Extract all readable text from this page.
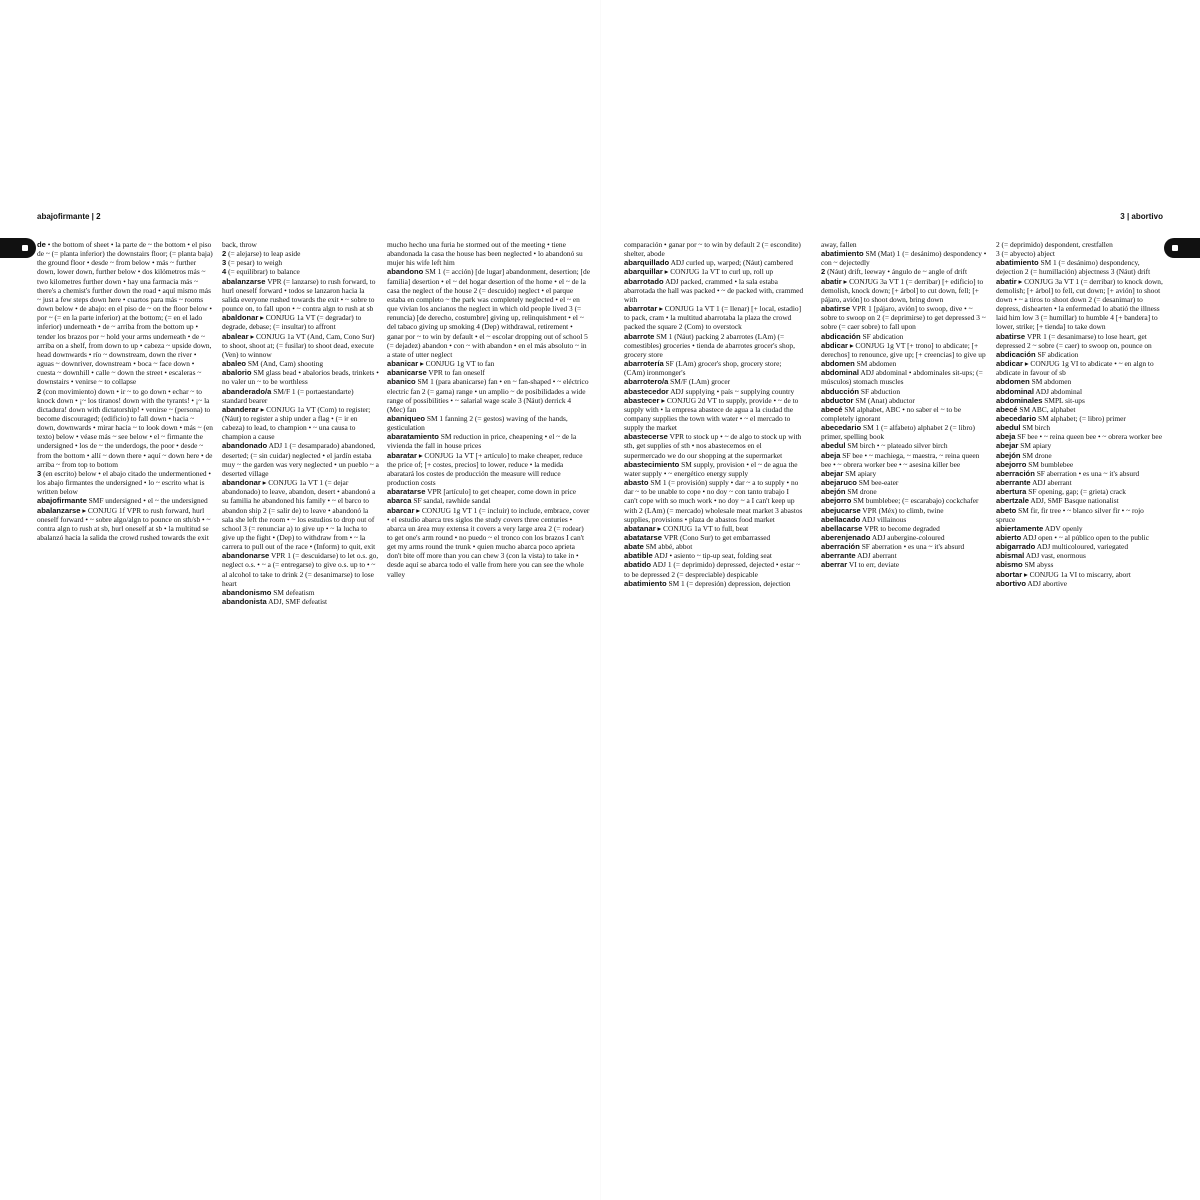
abajofirmante | 2	3 | abortivo
de • the bottom of sheet • la parte de ~ the bottom • el piso de ~ (= planta inferior) the downstairs floor; (= planta baja) the ground floor • desde ~ from below • más ~ further down, lower down, further below • dos kilómetros más ~ two kilometres further down • hay una farmacia más ~ there's a chemist's further down the road • aquí mismo más ~ just a few steps down here • cuartos para más ~ rooms down below • de abajo: en el piso de ~ on the floor below • por ~ (= en la parte inferior) at the bottom; (= en el lado inferior) underneath • de ~ arriba from the bottom up • tender los brazos por ~ hold your arms underneath • de ~ arriba on a shelf, from down to up • cabeza ~ upside down, head downwards • río ~ downstream, down the river • aguas ~ downriver, downstream • boca ~ face down • cuesta ~ downhill • calle ~ down the street • escaleras ~ downstairs • venirse ~ to collapse
2 (con movimiento) down • ir ~ to go down • echar ~ to knock down • ¡~ los tiranos! down with the tyrants! • ¡~ la dictadura! down with dictatorship! • venirse ~ (persona) to become discouraged; (edificio) to fall down • hacia ~ down, downwards • mirar hacia ~ to look down • más ~ (en texto) below • véase más ~ see below • el ~ firmante the undersigned • los de ~ the underdogs, the poor • desde ~ from the bottom • allí ~ down there • aquí ~ down here • de arriba ~ from top to bottom
3 (en escrito) below • el abajo citado the undermentioned • los abajo firmantes the undersigned • lo ~ escrito what is written below
abajofirmante SMF undersigned • el ~ the undersigned
abalanzarse ▸ CONJUG 1f VPR to rush forward, hurl oneself forward • ~ sobre algo/algn to pounce on sth/sb • ~ contra algn to rush at sb, hurl oneself at sb • la multitud se abalanzó hacia la salida the crowd rushed towards the exit
back, throw
2 (= alejarse) to leap aside
3 (= pesar) to weigh
4 (= equilibrar) to balance
abalanzarse VPR (= lanzarse) to rush forward, to hurl oneself forward • todos se lanzaron hacia la salida everyone rushed towards the exit • ~ sobre to pounce on, to fall upon • ~ contra algn to rush at sb
abaldonar ▸ CONJUG 1a VT (= degradar) to degrade, debase; (= insultar) to affront
abalear ▸ CONJUG 1a VT (And, Cam, Cono Sur) to shoot, shoot at; (= fusilar) to shoot dead, execute (Ven) to winnow
abaleo SM (And, Cam) shooting
abalorio SM glass bead • abalorios beads, trinkets • no valer un ~ to be worthless
abanderado/a SM/F 1 (= portaestandarte) standard bearer
abanderar ▸ CONJUG 1a VT (Com) to register; (Náut) to register a ship under a flag • (= ir en cabeza) to lead, to champion • ~ una causa to champion a cause
abandonado ADJ 1 (= desamparado) abandoned, deserted; (= sin cuidar) neglected • el jardín estaba muy ~ the garden was very neglected • un pueblo ~ a deserted village
abandonar ▸ CONJUG 1a VT 1 (= dejar abandonado) to leave, abandon, desert • abandonó a su familia he abandoned his family • ~ el barco to abandon ship 2 (= salir de) to leave • abandonó la sala she left the room • ~ los estudios to drop out of school 3 (= renunciar a) to give up • ~ la lucha to give up the fight • (Dep) to withdraw from • ~ la carrera to pull out of the race • (Inform) to quit, exit
abandonarse VPR 1 (= descuidarse) to let o.s. go, neglect o.s. • ~ a (= entregarse) to give o.s. up to • ~ al alcohol to take to drink 2 (= desanimarse) to lose heart
abandonismo SM defeatism
abandonista ADJ, SMF defeatist
mucho hecho una furia he stormed out of the meeting • tiene abandonada la casa the house has been neglected • lo abandonó su mujer his wife left him
abandono SM 1 (= acción) [de lugar] abandonment, desertion; [de familia] desertion • el ~ del hogar desertion of the home • el ~ de la casa the neglect of the house 2 (= descuido) neglect • el parque estaba en completo ~ the park was completely neglected • el ~ en que vivían los ancianos the neglect in which old people lived 3 (= renuncia) [de derecho, costumbre] giving up, relinquishment • el ~ del tabaco giving up smoking 4 (Dep) withdrawal, retirement • ganar por ~ to win by default • el ~ escolar dropping out of school 5 (= dejadez) abandon • con ~ with abandon • en el más absoluto ~ in a state of utter neglect
abanicar ▸ CONJUG 1g VT to fan
abanicarse VPR to fan oneself
abanico SM 1 (para abanicarse) fan • en ~ fan-shaped • ~ eléctrico electric fan 2 (= gama) range • un amplio ~ de posibilidades a wide range of possibilities • ~ salarial wage scale 3 (Náut) derrick 4 (Mec) fan
abaniqueo SM 1 fanning 2 (= gestos) waving of the hands, gesticulation
abaratamiento SM reduction in price, cheapening • el ~ de la vivienda the fall in house prices
abaratar ▸ CONJUG 1a VT [+ artículo] to make cheaper, reduce the price of; [+ costes, precios] to lower, reduce • la medida abaratará los costes de producción the measure will reduce production costs
abaratarse VPR [artículo] to get cheaper, come down in price
abarca SF sandal, rawhide sandal
abarcar ▸ CONJUG 1g VT 1 (= incluir) to include, embrace, cover • el estudio abarca tres siglos the study covers three centuries • abarca un área muy extensa it covers a very large area 2 (= rodear) to get one's arm round • no puedo ~ el tronco con los brazos I can't get my arms round the trunk • quien mucho abarca poco aprieta don't bite off more than you can chew 3 (con la vista) to take in • desde aquí se abarca todo el valle from here you can see the whole valley
comparación • ganar por ~ to win by default 2 (= escondite) shelter, abode
abarquillado ADJ curled up, warped; (Náut) cambered
abarquillar ▸ CONJUG 1a VT to curl up, roll up
abarrotado ADJ packed, crammed • la sala estaba abarrotada the hall was packed • ~ de packed with, crammed with
abarrotar ▸ CONJUG 1a VT 1 (= llenar) [+ local, estadio] to pack, cram • la multitud abarrotaba la plaza the crowd packed the square 2 (Com) to overstock
abarrote SM 1 (Náut) packing 2 abarrotes (LAm) (= comestibles) groceries • tienda de abarrotes grocer's shop, grocery store
abarrotería SF (LAm) grocer's shop, grocery store; (CAm) ironmonger's
abarrotero/a SM/F (LAm) grocer
abastecedor ADJ supplying • país ~ supplying country
abastecer ▸ CONJUG 2d VT to supply, provide • ~ de to supply with • la empresa abastece de agua a la ciudad the company supplies the town with water • ~ el mercado to supply the market
abastecerse VPR to stock up • ~ de algo to stock up with sth, get supplies of sth • nos abastecemos en el supermercado we do our shopping at the supermarket
abastecimiento SM supply, provision • el ~ de agua the water supply • ~ energético energy supply
abasto SM 1 (= provisión) supply • dar ~ a to supply • no dar ~ to be unable to cope • no doy ~ con tanto trabajo I can't cope with so much work • no doy ~ a I can't keep up with 2 (LAm) (= mercado) wholesale meat market 3 abastos supplies, provisions • plaza de abastos food market
abatanar ▸ CONJUG 1a VT to full, beat
abatatarse VPR (Cono Sur) to get embarrassed
abate SM abbé, abbot
abatible ADJ • asiento ~ tip-up seat, folding seat
abatido ADJ 1 (= deprimido) depressed, dejected • estar ~ to be depressed 2 (= despreciable) despicable
abatimiento SM 1 (= depresión) depression, dejection
away, fallen
abatimiento SM (Mat) 1 (= desánimo) despondency • con ~ dejectedly
2 (Náut) drift, leeway • ángulo de ~ angle of drift
abatir ▸ CONJUG 3a VT 1 (= derribar) [+ edificio] to demolish, knock down; [+ árbol] to cut down, fell; [+ pájaro, avión] to shoot down, bring down
abatirse VPR 1 [pájaro, avión] to swoop, dive • ~ sobre to swoop on 2 (= deprimirse) to get depressed 3 ~ sobre (= caer sobre) to fall upon
abdicación SF abdication
abdicar ▸ CONJUG 1g VT [+ trono] to abdicate; [+ derechos] to renounce, give up; [+ creencias] to give up
abdomen SM abdomen
abdominal ADJ abdominal • abdominales sit-ups; (= músculos) stomach muscles
abducción SF abduction
abductor SM (Anat) abductor
abecé SM alphabet, ABC • no saber el ~ to be completely ignorant
abecedario SM 1 (= alfabeto) alphabet 2 (= libro) primer, spelling book
abedul SM birch • ~ plateado silver birch
abeja SF bee • ~ machiega, ~ maestra, ~ reina queen bee • ~ obrera worker bee • ~ asesina killer bee
abejar SM apiary
abejaruco SM bee-eater
abejón SM drone
abejorro SM bumblebee; (= escarabajo) cockchafer
abejucarse VPR (Méx) to climb, twine
abellacado ADJ villainous
abellacarse VPR to become degraded
aberenjenado ADJ aubergine-coloured
aberración SF aberration • es una ~ it's absurd
aberrante ADJ aberrant
aberrar VI to err, deviate
2 (= deprimido) despondent, crestfallen
3 (= abyecto) abject
abatimiento SM 1 (= desánimo) despondency, dejection 2 (= humillación) abjectness 3 (Náut) drift
abatir ▸ CONJUG 3a VT 1 (= derribar) to knock down, demolish; [+ árbol] to fell, cut down; [+ avión] to shoot down • ~ a tiros to shoot down 2 (= desanimar) to depress, dishearten • la enfermedad lo abatió the illness laid him low 3 (= humillar) to humble 4 [+ bandera] to lower, strike; [+ tienda] to take down
abatirse VPR 1 (= desanimarse) to lose heart, get depressed 2 ~ sobre (= caer) to swoop on, pounce on
abdicación SF abdication
abdicar ▸ CONJUG 1g VI to abdicate • ~ en algn to abdicate in favour of sb
abdomen SM abdomen
abdominal ADJ abdominal
abdominales SMPL sit-ups
abecé SM ABC, alphabet
abecedario SM alphabet; (= libro) primer
abedul SM birch
abeja SF bee • ~ reina queen bee • ~ obrera worker bee
abejar SM apiary
abejón SM drone
abejorro SM bumblebee
aberración SF aberration • es una ~ it's absurd
aberrante ADJ aberrant
abertura SF opening, gap; (= grieta) crack
abertzale ADJ, SMF Basque nationalist
abeto SM fir, fir tree • ~ blanco silver fir • ~ rojo spruce
abiertamente ADV openly
abierto ADJ open • ~ al público open to the public
abigarrado ADJ multicoloured, variegated
abismal ADJ vast, enormous
abismo SM abyss
abortar ▸ CONJUG 1a VI to miscarry, abort
abortivo ADJ abortive
